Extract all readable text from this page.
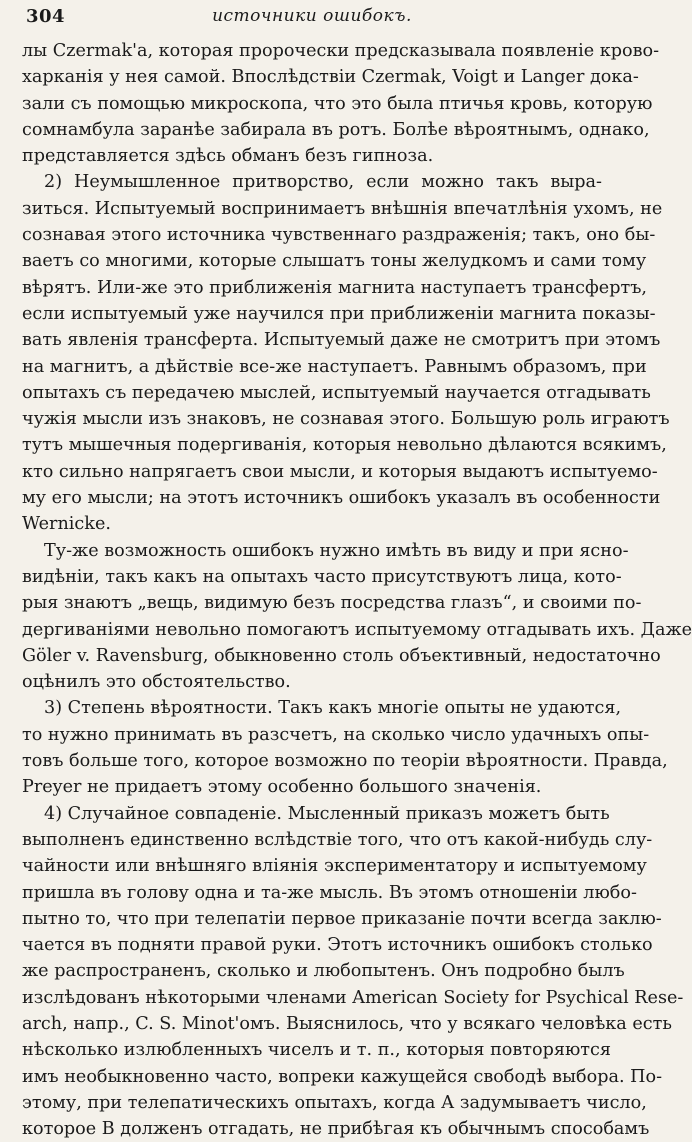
304	источники ошибокъ.
лы Czermak'a, которая пророчески предсказывала появленіе крово-
харканія у нея самой. Впослѣдствіи Czermak, Voigt и Langer дока-
зали съ помощью микроскопа, что это была птичья кровь, которую
сомнамбула заранѣе забирала въ ротъ. Болѣе вѣроятнымъ, однако,
представляется здѣсь обманъ безъ гипноза.
2) Неумышленное притворство, если можно такъ выра-
зиться. Испытуемый воспринимаетъ внѣшнія впечатлѣнія ухомъ, не
сознавая этого источника чувственнаго раздраженія; такъ, оно бы-
ваетъ со многими, которые слышатъ тоны желудкомъ и сами тому
вѣрятъ. Или-же это приближенія магнита наступаетъ трансфертъ,
если испытуемый уже научился при приближеніи магнита показы-
вать явленія трансферта. Испытуемый даже не смотритъ при этомъ
на магнитъ, а дѣйствіе все-же наступаетъ. Равнымъ образомъ, при
опытахъ съ передачею мыслей, испытуемый научается отгадывать
чужія мысли изъ знаковъ, не сознавая этого. Большую роль играютъ
тутъ мышечныя подергиванія, которыя невольно дѣлаются всякимъ,
кто сильно напрягаетъ свои мысли, и которыя выдаютъ испытуемо-
му его мысли; на этотъ источникъ ошибокъ указалъ въ особенности
Wernicke.
Ту-же возможность ошибокъ нужно имѣть въ виду и при ясно-
видѣніи, такъ какъ на опытахъ часто присутствуютъ лица, кото-
рыя знаютъ „вещь, видимую безъ посредства глазъ“, и своими по-
дергиваніями невольно помогаютъ испытуемому отгадывать ихъ. Даже
Göler v. Ravensburg, обыкновенно столь объективный, недостаточно
оцѣнилъ это обстоятельство.
3) Степень вѣроятности. Такъ какъ многіе опыты не удаются,
то нужно принимать въ разсчетъ, на сколько число удачныхъ опы-
товъ больше того, которое возможно по теоріи вѣроятности. Правда,
Preyer не придаетъ этому особенно большого значенія.
4) Случайное совпаденіе. Мысленный приказъ можетъ быть
выполненъ единственно вслѣдствіе того, что отъ какой-нибудь слу-
чайности или внѣшняго вліянія экспериментатору и испытуемому
пришла въ голову одна и та-же мысль. Въ этомъ отношеніи любо-
пытно то, что при телепатіи первое приказаніе почти всегда заклю-
чается въ подняти правой руки. Этотъ источникъ ошибокъ столько
же распространенъ, сколько и любопытенъ. Онъ подробно былъ
изслѣдованъ нѣкоторыми членами American Society for Psychical Rese-
arch, напр., C. S. Minot'омъ. Выяснилось, что у всякаго человѣка есть
нѣсколько излюбленныхъ чиселъ и т. п., которыя повторяются
имъ необыкновенно часто, вопреки кажущейся свободѣ выбора. По-
этому, при телепатическихъ опытахъ, когда А задумываетъ число,
которое В долженъ отгадать, не прибѣгая къ обычнымъ способамъ
